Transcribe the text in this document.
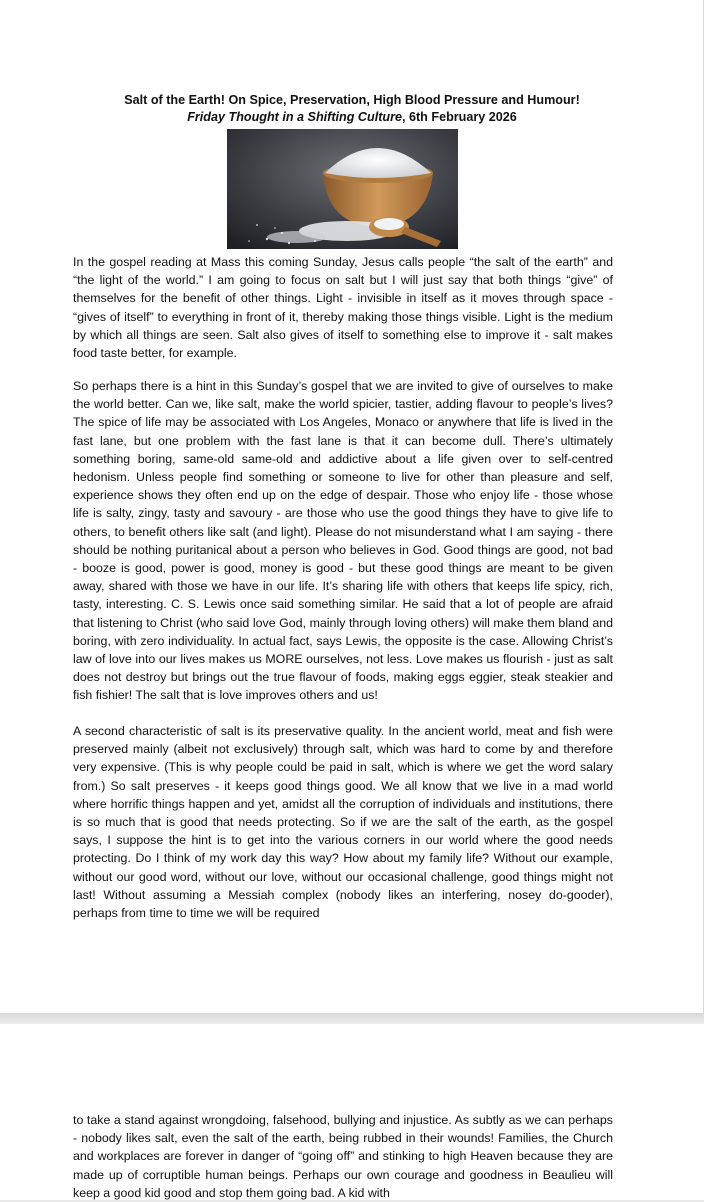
Salt of the Earth! On Spice, Preservation, High Blood Pressure and Humour!
Friday Thought in a Shifting Culture, 6th February 2026

In the gospel reading at Mass this coming Sunday, Jesus calls people “the salt of the earth” and “the light of the world.” I am going to focus on salt but I will just say that both things “give” of themselves for the benefit of other things. Light - invisible in itself as it moves through space - “gives of itself” to everything in front of it, thereby making those things visible. Light is the medium by which all things are seen. Salt also gives of itself to something else to improve it - salt makes food taste better, for example.

So perhaps there is a hint in this Sunday’s gospel that we are invited to give of ourselves to make the world better. Can we, like salt, make the world spicier, tastier, adding flavour to people’s lives? The spice of life may be associated with Los Angeles, Monaco or anywhere that life is lived in the fast lane, but one problem with the fast lane is that it can become dull. There’s ultimately something boring, same-old same-old and addictive about a life given over to self-centred hedonism. Unless people find something or someone to live for other than pleasure and self, experience shows they often end up on the edge of despair. Those who enjoy life - those whose life is salty, zingy, tasty and savoury - are those who use the good things they have to give life to others, to benefit others like salt (and light). Please do not misunderstand what I am saying - there should be nothing puritanical about a person who believes in God. Good things are good, not bad - booze is good, power is good, money is good - but these good things are meant to be given away, shared with those we have in our life. It’s sharing life with others that keeps life spicy, rich, tasty, interesting. C. S. Lewis once said something similar. He said that a lot of people are afraid that listening to Christ (who said love God, mainly through loving others) will make them bland and boring, with zero individuality. In actual fact, says Lewis, the opposite is the case. Allowing Christ’s law of love into our lives makes us MORE ourselves, not less. Love makes us flourish - just as salt does not destroy but brings out the true flavour of foods, making eggs eggier, steak steakier and fish fishier! The salt that is love improves others and us!

A second characteristic of salt is its preservative quality. In the ancient world, meat and fish were preserved mainly (albeit not exclusively) through salt, which was hard to come by and therefore very expensive. (This is why people could be paid in salt, which is where we get the word salary from.) So salt preserves - it keeps good things good. We all know that we live in a mad world where horrific things happen and yet, amidst all the corruption of individuals and institutions, there is so much that is good that needs protecting. So if we are the salt of the earth, as the gospel says, I suppose the hint is to get into the various corners in our world where the good needs protecting. Do I think of my work day this way? How about my family life? Without our example, without our good word, without our love, without our occasional challenge, good things might not last! Without assuming a Messiah complex (nobody likes an interfering, nosey do-gooder), perhaps from time to time we will be required

to take a stand against wrongdoing, falsehood, bullying and injustice. As subtly as we can perhaps - nobody likes salt, even the salt of the earth, being rubbed in their wounds! Families, the Church and workplaces are forever in danger of “going off” and stinking to high Heaven because they are made up of corruptible human beings. Perhaps our own courage and goodness in Beaulieu will keep a good kid good and stop them going bad. A kid with
